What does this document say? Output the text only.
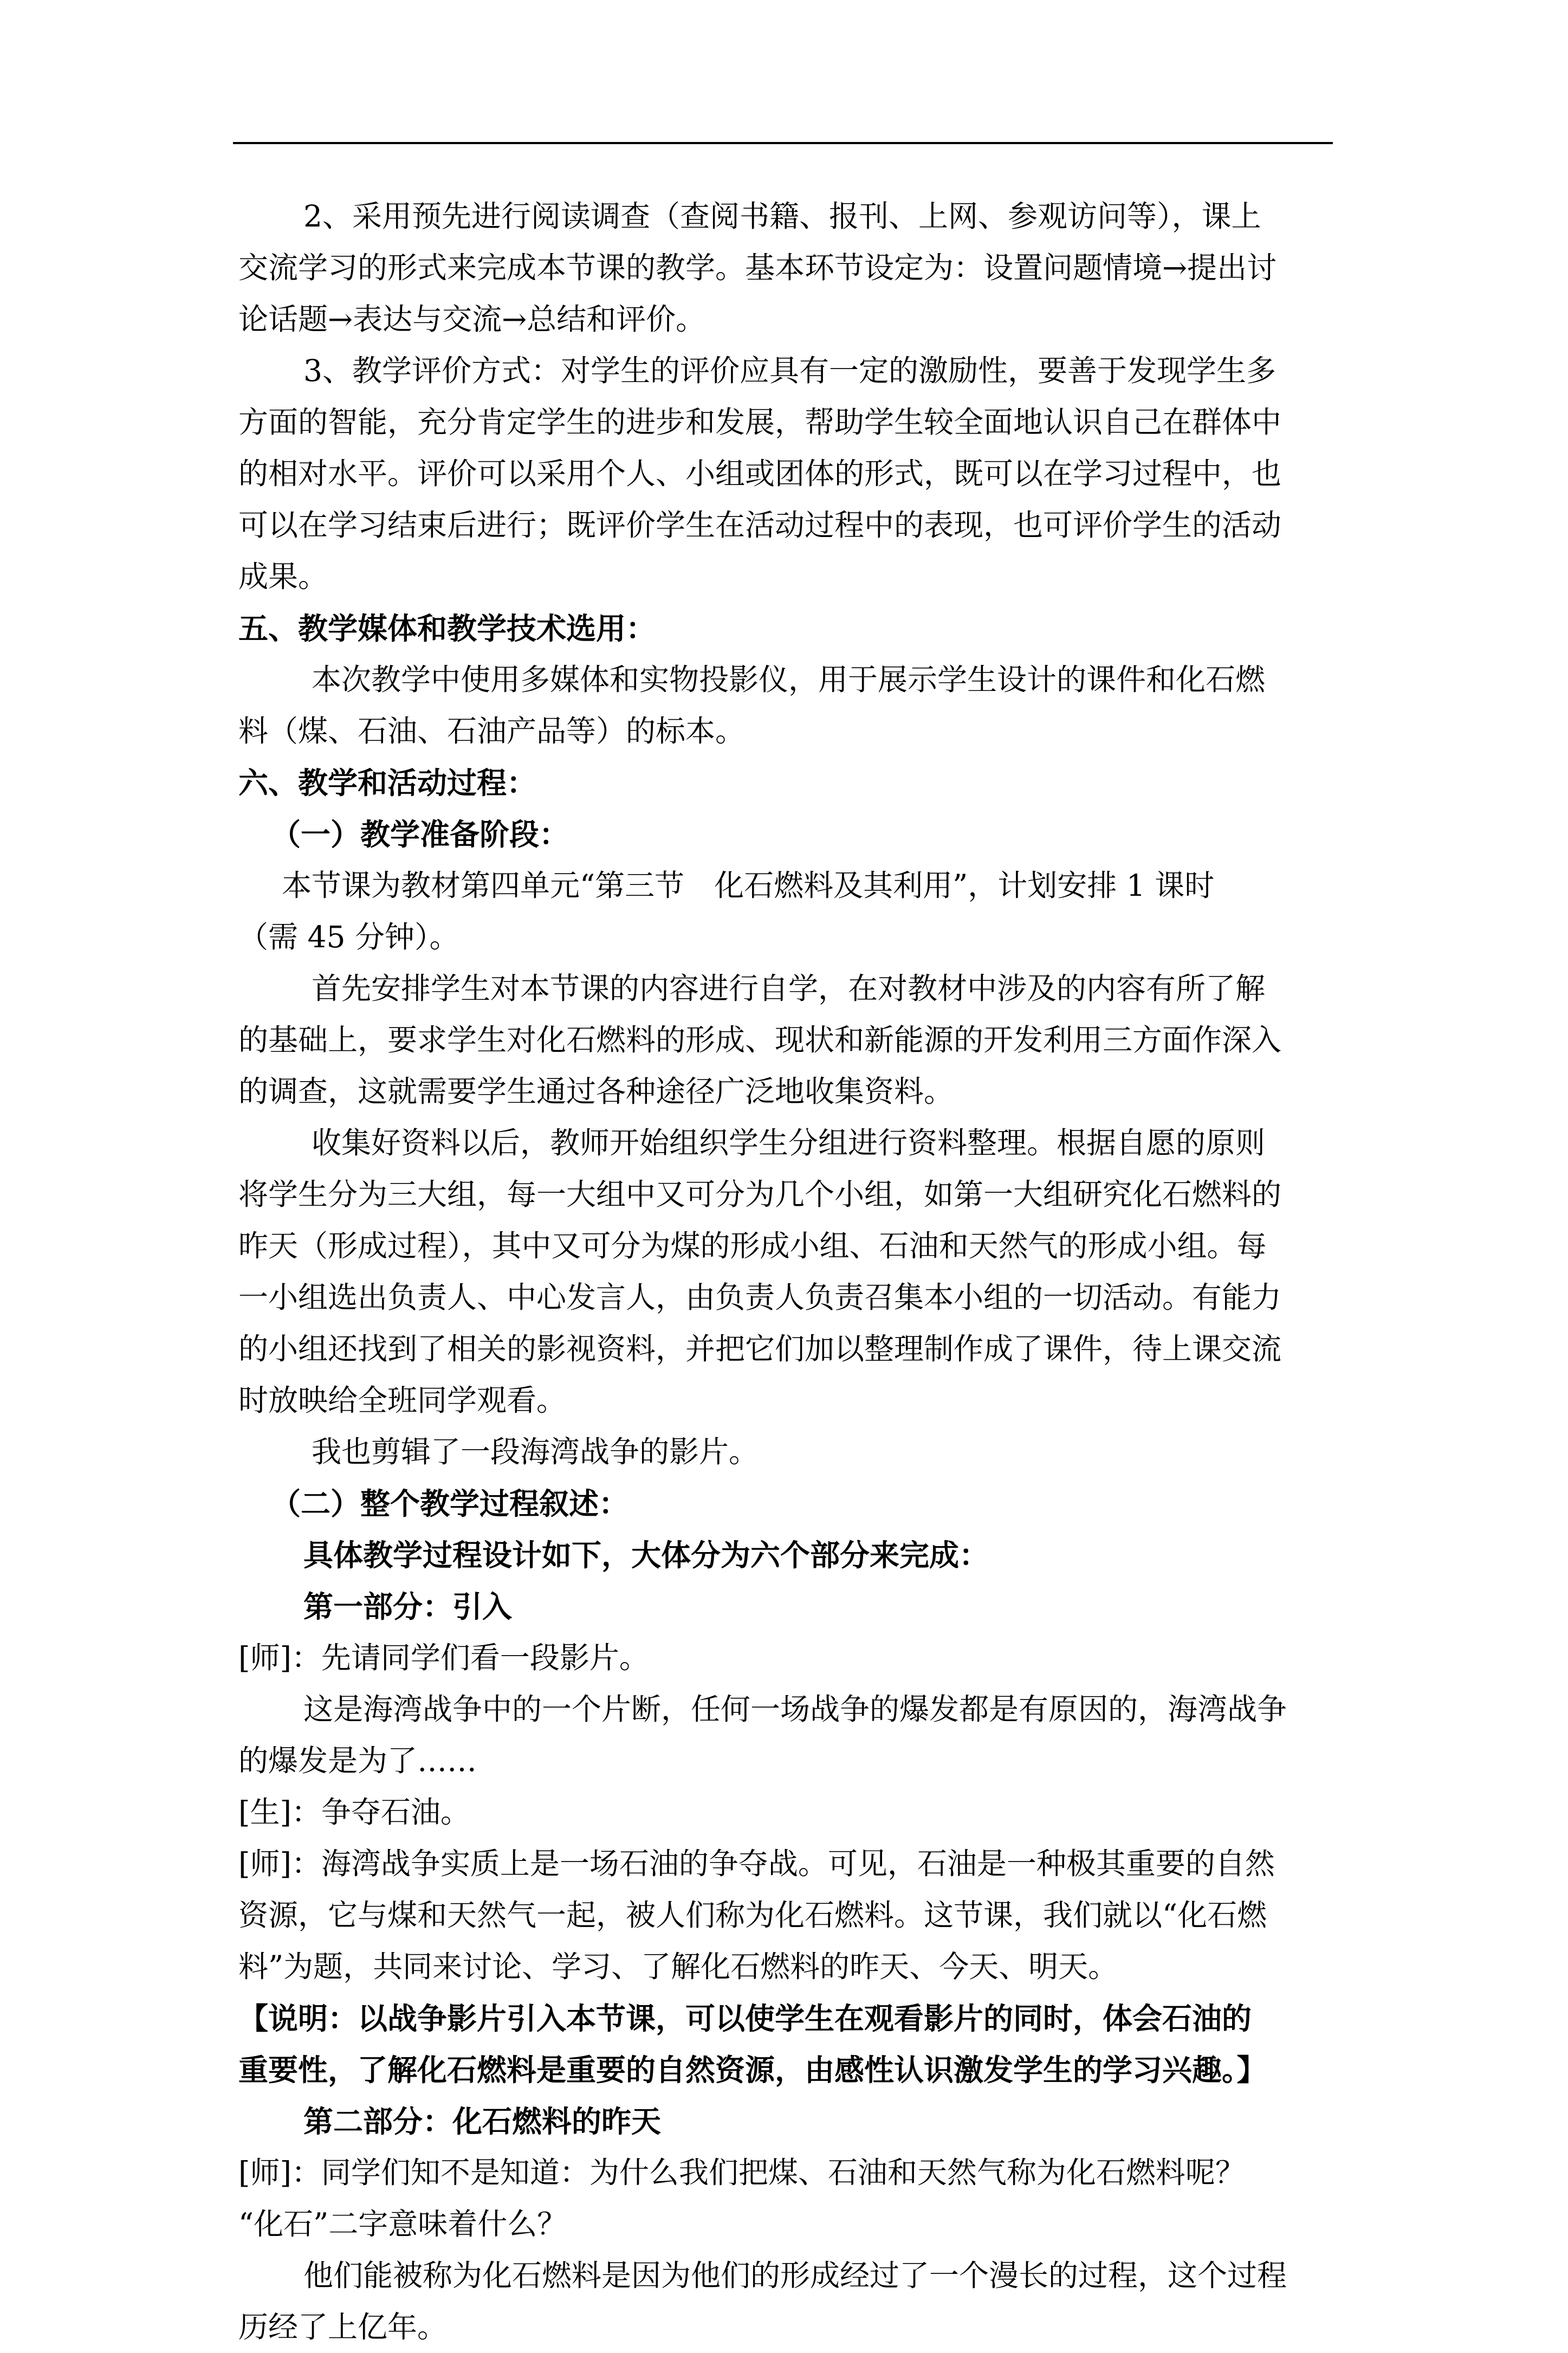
2、采用预先进行阅读调查（查阅书籍、报刊、上网、参观访问等），课上

交流学习的形式来完成本节课的教学。基本环节设定为：设置问题情境→提出讨

论话题→表达与交流→总结和评价。

3、教学评价方式：对学生的评价应具有一定的激励性，要善于发现学生多

方面的智能，充分肯定学生的进步和发展，帮助学生较全面地认识自己在群体中

的相对水平。评价可以采用个人、小组或团体的形式，既可以在学习过程中，也

可以在学习结束后进行；既评价学生在活动过程中的表现，也可评价学生的活动

成果。

五、教学媒体和教学技术选用：

本次教学中使用多媒体和实物投影仪，用于展示学生设计的课件和化石燃

料（煤、石油、石油产品等）的标本。

六、教学和活动过程：

（一）教学准备阶段：

本节课为教材第四单元“第三节　化石燃料及其利用”，计划安排 1 课时

（需 45 分钟）。

首先安排学生对本节课的内容进行自学，在对教材中涉及的内容有所了解

的基础上，要求学生对化石燃料的形成、现状和新能源的开发利用三方面作深入

的调查，这就需要学生通过各种途径广泛地收集资料。

收集好资料以后，教师开始组织学生分组进行资料整理。根据自愿的原则

将学生分为三大组，每一大组中又可分为几个小组，如第一大组研究化石燃料的

昨天（形成过程），其中又可分为煤的形成小组、石油和天然气的形成小组。每

一小组选出负责人、中心发言人，由负责人负责召集本小组的一切活动。有能力

的小组还找到了相关的影视资料，并把它们加以整理制作成了课件，待上课交流

时放映给全班同学观看。

我也剪辑了一段海湾战争的影片。

（二）整个教学过程叙述：

具体教学过程设计如下，大体分为六个部分来完成：

第一部分：引入

[师]：先请同学们看一段影片。

这是海湾战争中的一个片断，任何一场战争的爆发都是有原因的，海湾战争

的爆发是为了……

[生]：争夺石油。

[师]：海湾战争实质上是一场石油的争夺战。可见，石油是一种极其重要的自然

资源，它与煤和天然气一起，被人们称为化石燃料。这节课，我们就以“化石燃

料”为题，共同来讨论、学习、了解化石燃料的昨天、今天、明天。

【说明：以战争影片引入本节课，可以使学生在观看影片的同时，体会石油的

重要性，了解化石燃料是重要的自然资源，由感性认识激发学生的学习兴趣。】

第二部分：化石燃料的昨天

[师]：同学们知不是知道：为什么我们把煤、石油和天然气称为化石燃料呢？

“化石”二字意味着什么？

他们能被称为化石燃料是因为他们的形成经过了一个漫长的过程，这个过程

历经了上亿年。
